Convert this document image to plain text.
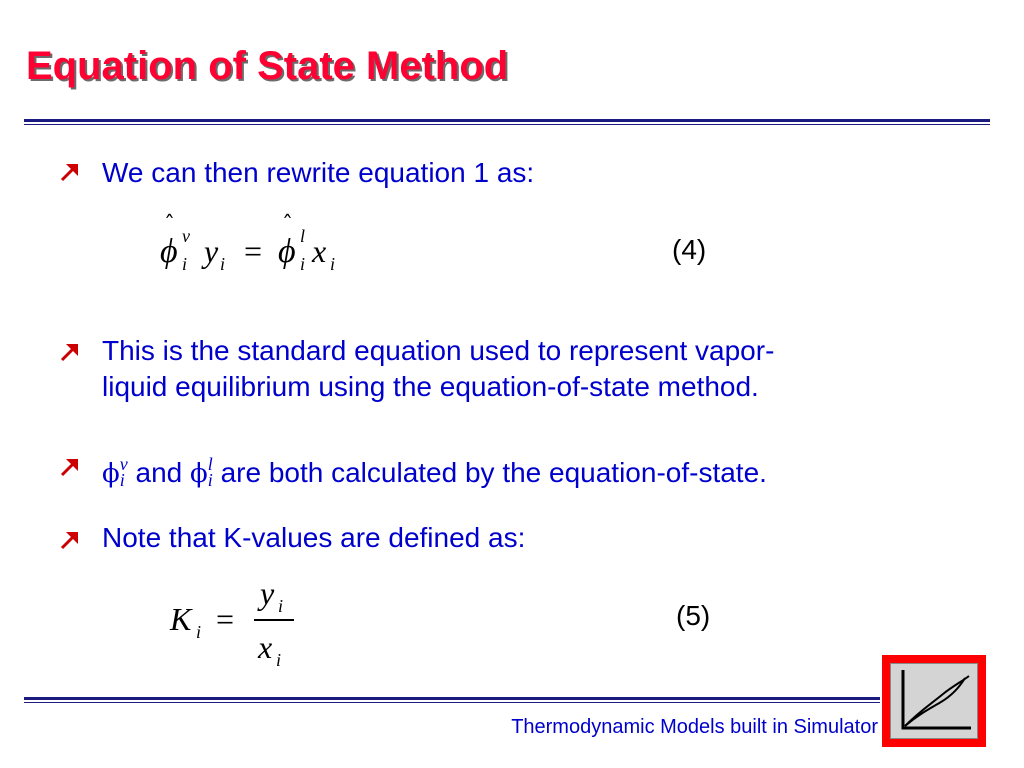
Equation of State Method
We can then rewrite equation 1 as:
ˆ
ϕ v
i y i =
ˆ
ϕ l
i x i	(4)
This is the standard equation used to represent vapor-
liquid equilibrium using the equation-of-state method.
$\phi i^v$ and $\phi i^l$ are both calculated by the equation-of-state.
Note that K-values are defined as:
K i =
y i
x i
(5)
Thermodynamic Models built in Simulator
